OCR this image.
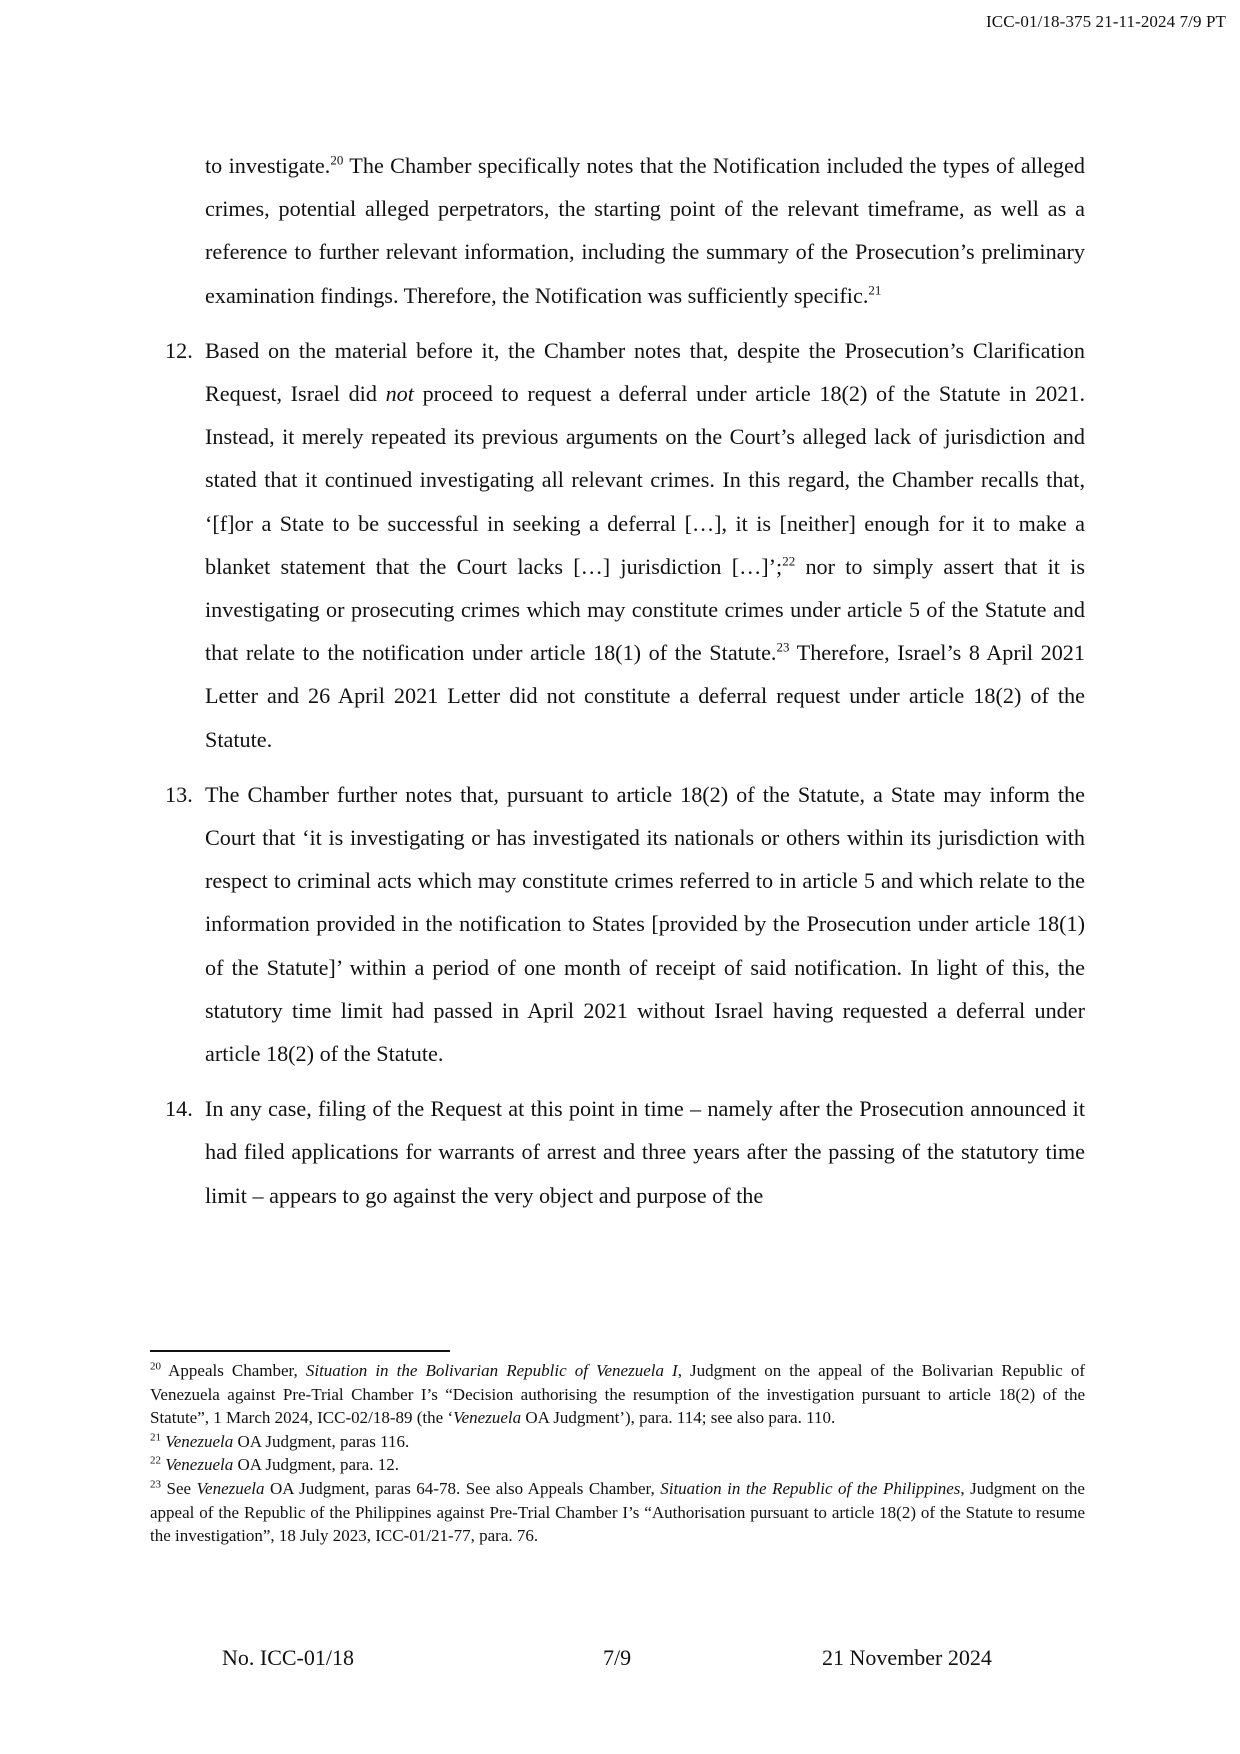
ICC-01/18-375 21-11-2024 7/9 PT

to investigate.$^{20}$ The Chamber specifically notes that the Notification included the types of alleged crimes, potential alleged perpetrators, the starting point of the relevant timeframe, as well as a reference to further relevant information, including the summary of the Prosecution’s preliminary examination findings. Therefore, the Notification was sufficiently specific.$^{21}$

12. Based on the material before it, the Chamber notes that, despite the Prosecution’s Clarification Request, Israel did not proceed to request a deferral under article 18(2) of the Statute in 2021. Instead, it merely repeated its previous arguments on the Court’s alleged lack of jurisdiction and stated that it continued investigating all relevant crimes. In this regard, the Chamber recalls that, ‘[f]or a State to be successful in seeking a deferral […], it is [neither] enough for it to make a blanket statement that the Court lacks […] jurisdiction […]’;$^{22}$ nor to simply assert that it is investigating or prosecuting crimes which may constitute crimes under article 5 of the Statute and that relate to the notification under article 18(1) of the Statute.$^{23}$ Therefore, Israel’s 8 April 2021 Letter and 26 April 2021 Letter did not constitute a deferral request under article 18(2) of the Statute.

13. The Chamber further notes that, pursuant to article 18(2) of the Statute, a State may inform the Court that ‘it is investigating or has investigated its nationals or others within its jurisdiction with respect to criminal acts which may constitute crimes referred to in article 5 and which relate to the information provided in the notification to States [provided by the Prosecution under article 18(1) of the Statute]’ within a period of one month of receipt of said notification. In light of this, the statutory time limit had passed in April 2021 without Israel having requested a deferral under article 18(2) of the Statute.

14. In any case, filing of the Request at this point in time – namely after the Prosecution announced it had filed applications for warrants of arrest and three years after the passing of the statutory time limit – appears to go against the very object and purpose of the

$^{20}$ Appeals Chamber, Situation in the Bolivarian Republic of Venezuela I, Judgment on the appeal of the Bolivarian Republic of Venezuela against Pre-Trial Chamber I’s “Decision authorising the resumption of the investigation pursuant to article 18(2) of the Statute”, 1 March 2024, ICC-02/18-89 (the ‘Venezuela OA Judgment’), para. 114; see also para. 110.

$^{21}$ Venezuela OA Judgment, paras 116.

$^{22}$ Venezuela OA Judgment, para. 12.

$^{23}$ See Venezuela OA Judgment, paras 64-78. See also Appeals Chamber, Situation in the Republic of the Philippines, Judgment on the appeal of the Republic of the Philippines against Pre-Trial Chamber I’s “Authorisation pursuant to article 18(2) of the Statute to resume the investigation”, 18 July 2023, ICC-01/21-77, para. 76.

No. ICC-01/18	7/9	21 November 2024
